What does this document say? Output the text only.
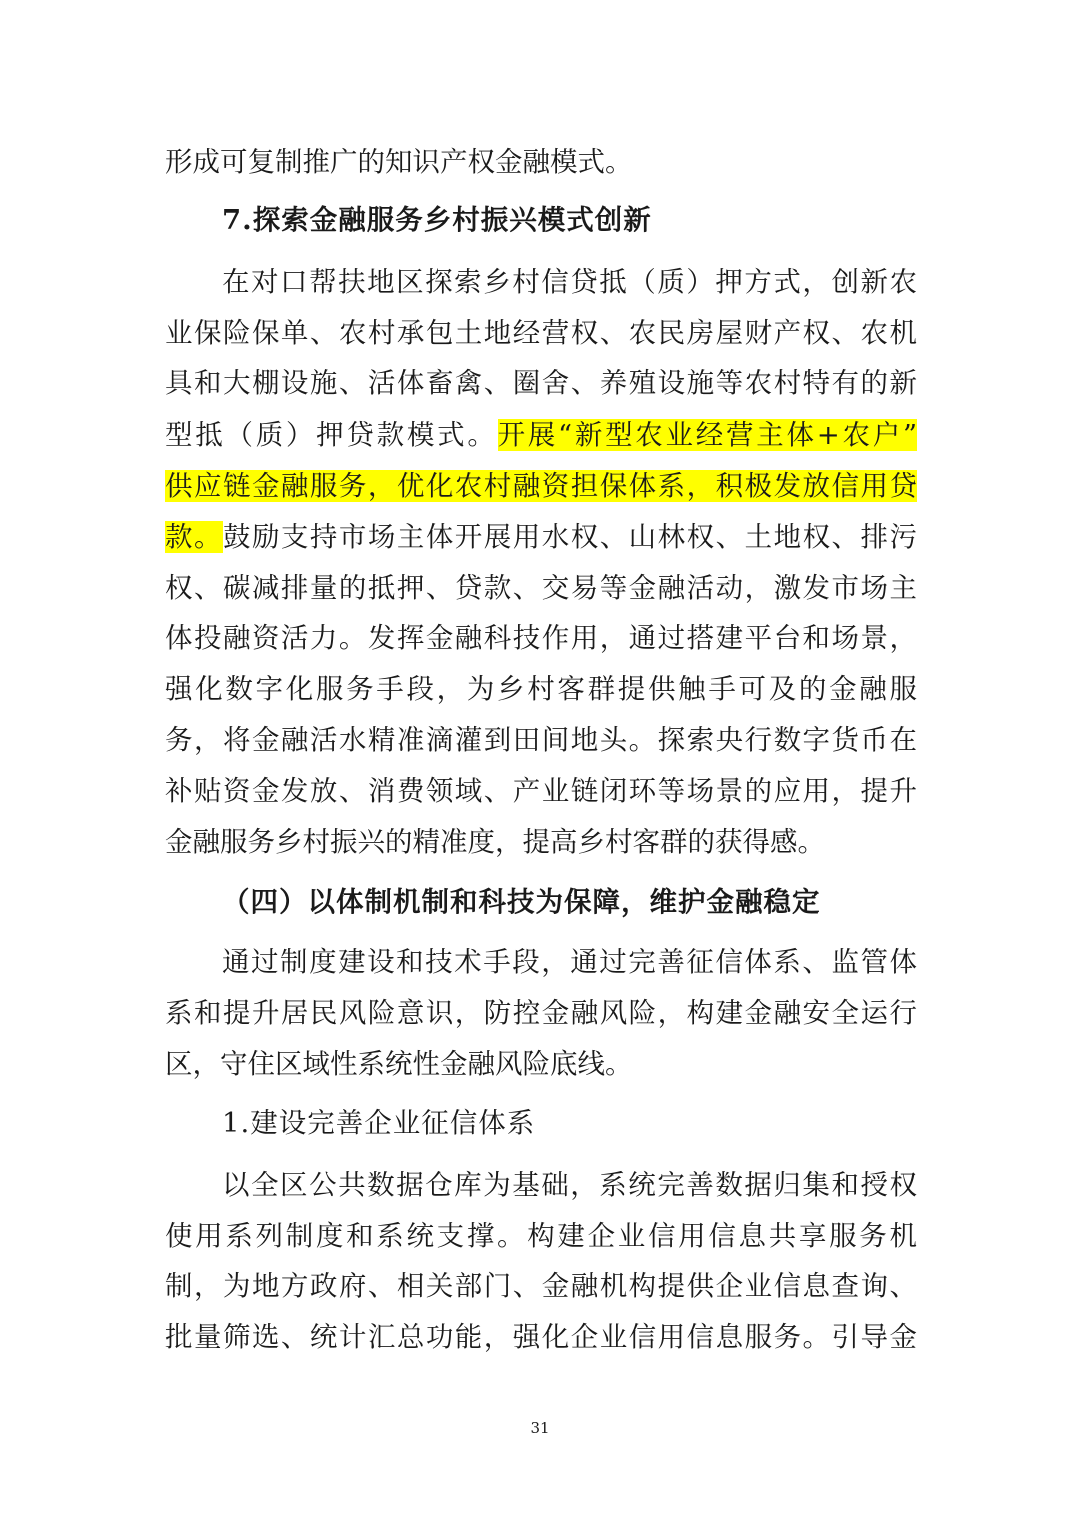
形成可复制推广的知识产权金融模式。
7.探索金融服务乡村振兴模式创新
在对口帮扶地区探索乡村信贷抵（质）押方式，创新农
业保险保单、农村承包土地经营权、农民房屋财产权、农机
具和大棚设施、活体畜禽、圈舍、养殖设施等农村特有的新
型抵（质）押贷款模式。开展“新型农业经营主体+农户”
供应链金融服务，优化农村融资担保体系，积极发放信用贷
款。鼓励支持市场主体开展用水权、山林权、土地权、排污
权、碳减排量的抵押、贷款、交易等金融活动，激发市场主
体投融资活力。发挥金融科技作用，通过搭建平台和场景，
强化数字化服务手段，为乡村客群提供触手可及的金融服
务，将金融活水精准滴灌到田间地头。探索央行数字货币在
补贴资金发放、消费领域、产业链闭环等场景的应用，提升
金融服务乡村振兴的精准度，提高乡村客群的获得感。
（四）以体制机制和科技为保障，维护金融稳定
通过制度建设和技术手段，通过完善征信体系、监管体
系和提升居民风险意识，防控金融风险，构建金融安全运行
区，守住区域性系统性金融风险底线。
1.建设完善企业征信体系
以全区公共数据仓库为基础，系统完善数据归集和授权
使用系列制度和系统支撑。构建企业信用信息共享服务机
制，为地方政府、相关部门、金融机构提供企业信息查询、
批量筛选、统计汇总功能，强化企业信用信息服务。引导金
31
